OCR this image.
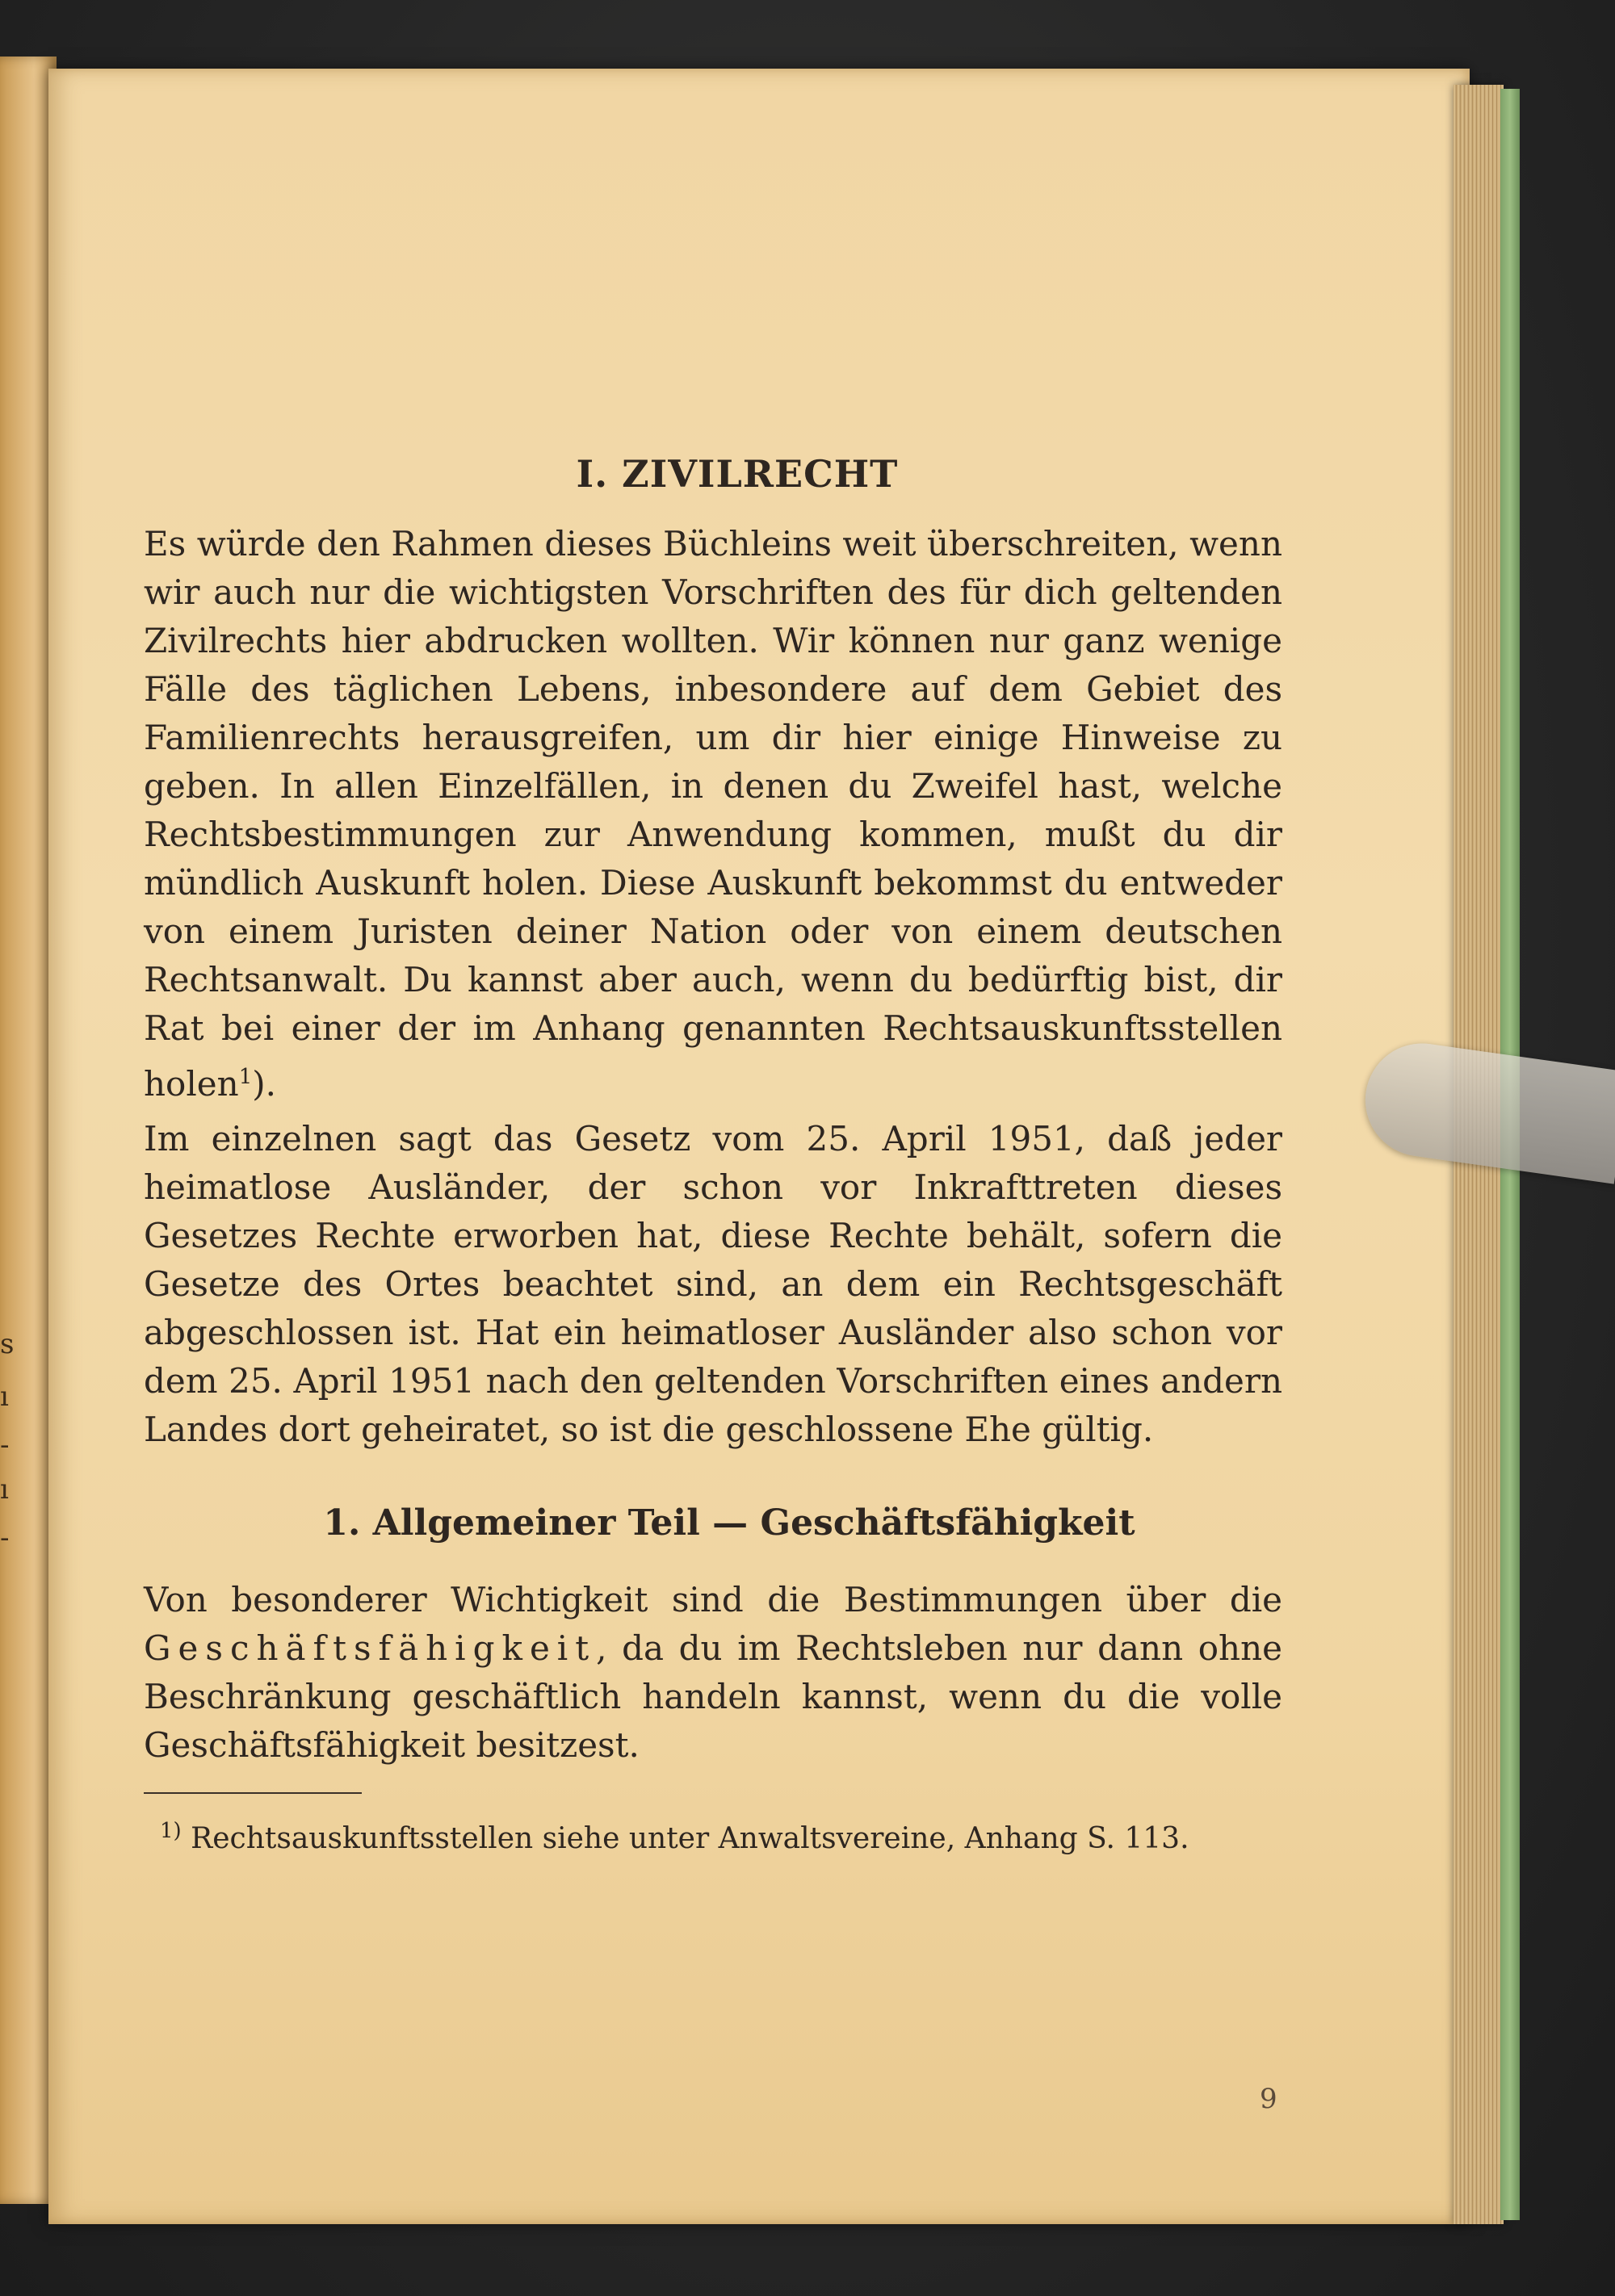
s
ı
-
ı
-
I. ZIVILRECHT

Es würde den Rahmen dieses Büchleins weit überschreiten, wenn wir auch nur die wichtigsten Vorschriften des für dich geltenden Zivilrechts hier abdrucken wollten. Wir können nur ganz wenige Fälle des täglichen Lebens, inbesondere auf dem Gebiet des Familienrechts herausgreifen, um dir hier einige Hinweise zu geben. In allen Einzelfällen, in denen du Zweifel hast, welche Rechtsbestimmungen zur Anwendung kommen, mußt du dir mündlich Auskunft holen. Diese Auskunft bekommst du entweder von einem Juristen deiner Nation oder von einem deutschen Rechtsanwalt. Du kannst aber auch, wenn du bedürftig bist, dir Rat bei einer der im Anhang genannten Rechtsauskunftsstellen holen$^1$).

Im einzelnen sagt das Gesetz vom 25. April 1951, daß jeder heimatlose Ausländer, der schon vor Inkrafttreten dieses Gesetzes Rechte erworben hat, diese Rechte behält, sofern die Gesetze des Ortes beachtet sind, an dem ein Rechtsgeschäft abgeschlossen ist. Hat ein heimatloser Ausländer also schon vor dem 25. April 1951 nach den geltenden Vorschriften eines andern Landes dort geheiratet, so ist die geschlossene Ehe gültig.

1. Allgemeiner Teil — Geschäftsfähigkeit

Von besonderer Wichtigkeit sind die Bestimmungen über die Geschäftsfähigkeit, da du im Rechtsleben nur dann ohne Beschränkung geschäftlich handeln kannst, wenn du die volle Geschäftsfähigkeit besitzest.

$^{1)}$ Rechtsauskunftsstellen siehe unter Anwaltsvereine, Anhang S. 113.

9
